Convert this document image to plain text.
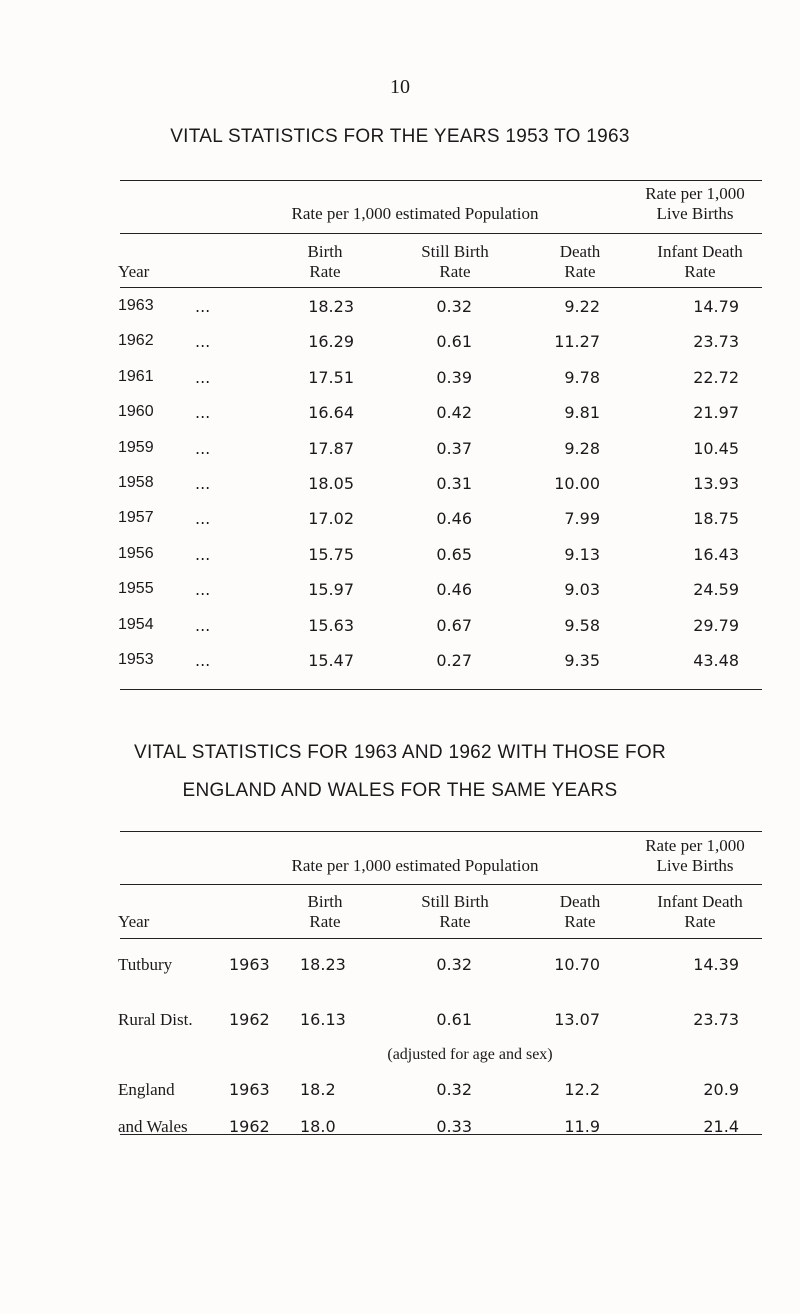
10
VITAL STATISTICS FOR THE YEARS 1953 TO 1963
Rate per 1,000 estimated Population
Rate per 1,000
Live Births
Year
Birth
Rate
Still Birth
Rate
Death
Rate
Infant Death
Rate
1963	...	18.23	0.32	9.22	14.79
1962	...	16.29	0.61	11.27	23.73
1961	...	17.51	0.39	9.78	22.72
1960	...	16.64	0.42	9.81	21.97
1959	...	17.87	0.37	9.28	10.45
1958	...	18.05	0.31	10.00	13.93
1957	...	17.02	0.46	7.99	18.75
1956	...	15.75	0.65	9.13	16.43
1955	...	15.97	0.46	9.03	24.59
1954	...	15.63	0.67	9.58	29.79
1953	...	15.47	0.27	9.35	43.48
VITAL STATISTICS FOR 1963 AND 1962 WITH THOSE FOR
ENGLAND AND WALES FOR THE SAME YEARS
Rate per 1,000 estimated Population
Rate per 1,000
Live Births
Year
Birth
Rate
Still Birth
Rate
Death
Rate
Infant Death
Rate
Tutbury	1963 18.23	0.32	10.70	14.39
Rural Dist. 1962 16.13	0.61	13.07	23.73
England	1963 18.2	0.32	12.2	20.9
and Wales	1962 18.0	0.33	11.9	21.4
(adjusted for age and sex)
